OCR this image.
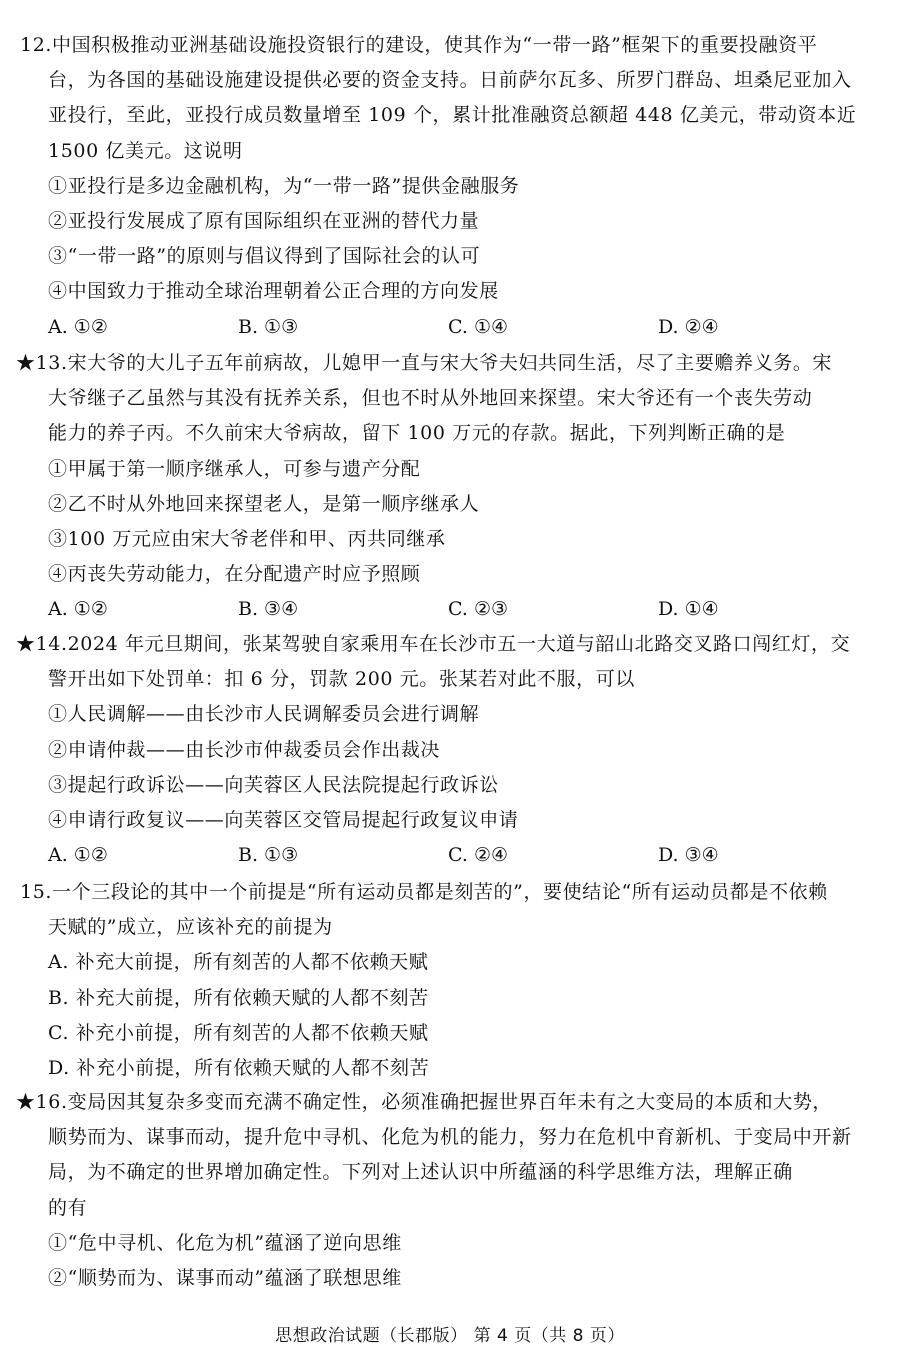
12.中国积极推动亚洲基础设施投资银行的建设，使其作为“一带一路”框架下的重要投融资平
台，为各国的基础设施建设提供必要的资金支持。日前萨尔瓦多、所罗门群岛、坦桑尼亚加入
亚投行，至此，亚投行成员数量增至 109 个，累计批准融资总额超 448 亿美元，带动资本近
1500 亿美元。这说明
①亚投行是多边金融机构，为“一带一路”提供金融服务
②亚投行发展成了原有国际组织在亚洲的替代力量
③“一带一路”的原则与倡议得到了国际社会的认可
④中国致力于推动全球治理朝着公正合理的方向发展
A. ①②	B. ①③	C. ①④	D. ②④
★13.宋大爷的大儿子五年前病故，儿媳甲一直与宋大爷夫妇共同生活，尽了主要赡养义务。宋
大爷继子乙虽然与其没有抚养关系，但也不时从外地回来探望。宋大爷还有一个丧失劳动
能力的养子丙。不久前宋大爷病故，留下 100 万元的存款。据此，下列判断正确的是
①甲属于第一顺序继承人，可参与遗产分配
②乙不时从外地回来探望老人，是第一顺序继承人
③100 万元应由宋大爷老伴和甲、丙共同继承
④丙丧失劳动能力，在分配遗产时应予照顾
A. ①②	B. ③④	C. ②③	D. ①④
★14.2024 年元旦期间，张某驾驶自家乘用车在长沙市五一大道与韶山北路交叉路口闯红灯，交
警开出如下处罚单：扣 6 分，罚款 200 元。张某若对此不服，可以
①人民调解——由长沙市人民调解委员会进行调解
②申请仲裁——由长沙市仲裁委员会作出裁决
③提起行政诉讼——向芙蓉区人民法院提起行政诉讼
④申请行政复议——向芙蓉区交管局提起行政复议申请
A. ①②	B. ①③	C. ②④	D. ③④
15.一个三段论的其中一个前提是“所有运动员都是刻苦的”，要使结论“所有运动员都是不依赖
天赋的”成立，应该补充的前提为
A. 补充大前提，所有刻苦的人都不依赖天赋
B. 补充大前提，所有依赖天赋的人都不刻苦
C. 补充小前提，所有刻苦的人都不依赖天赋
D. 补充小前提，所有依赖天赋的人都不刻苦
★16.变局因其复杂多变而充满不确定性，必须准确把握世界百年未有之大变局的本质和大势，
顺势而为、谋事而动，提升危中寻机、化危为机的能力，努力在危机中育新机、于变局中开新
局，为不确定的世界增加确定性。下列对上述认识中所蕴涵的科学思维方法，理解正确
的有
①“危中寻机、化危为机”蕴涵了逆向思维
②“顺势而为、谋事而动”蕴涵了联想思维
思想政治试题（长郡版） 第 4 页（共 8 页）
